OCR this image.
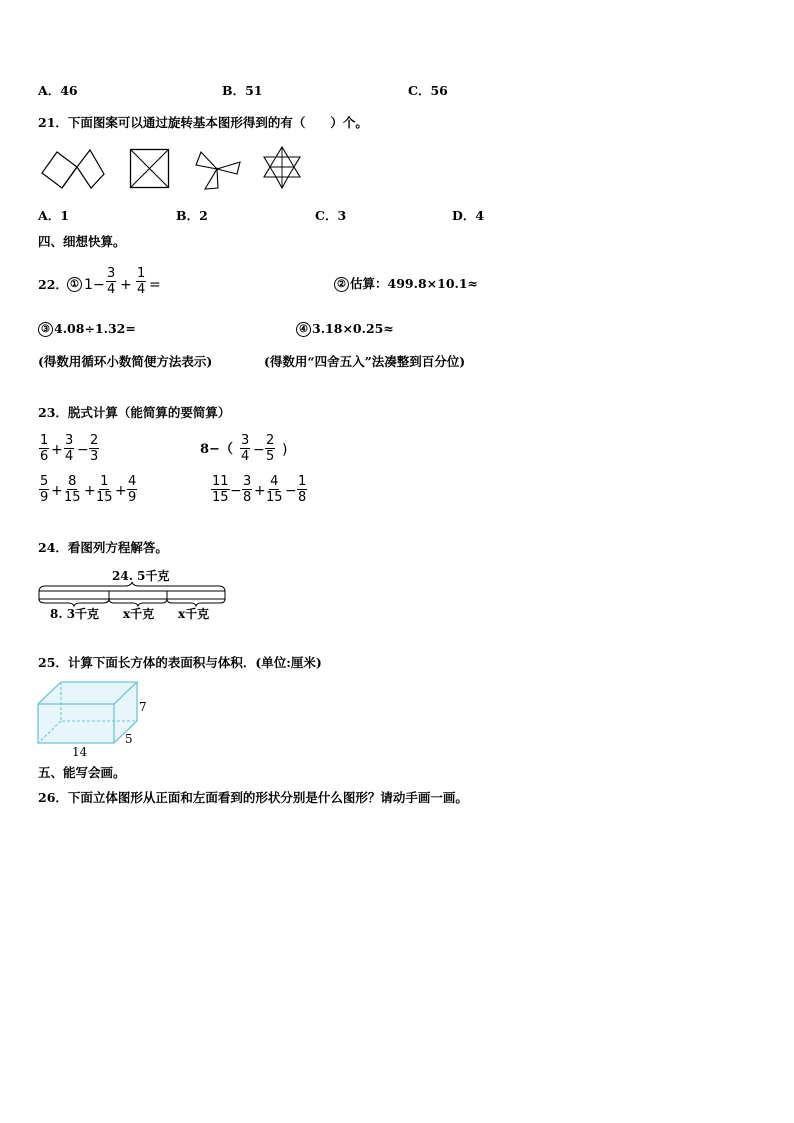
A．46	B．51	C．56
21．下面图案可以通过旋转基本图形得到的有（　　）个。
A．1	B．2	C．3	D．4
四、细想快算。
22． ① $1 - \frac{3}{4} + \frac{1}{4}$ =	② 估算：499.8×10.1≈
③ 4.08÷1.32=	④ 3.18×0.25≈
(得数用循环小数简便方法表示)	(得数用“四舍五入”法凑整到百分位)
23．脱式计算（能简算的要简算）
$\frac{1}{6} + \frac{3}{4} - \frac{2}{3}$	$8-( \frac{3}{4} - \frac{2}{5}$ )
$\frac{5}{9} + \frac{8}{15} + \frac{1}{15} + \frac{4}{9}$	$\frac{11}{15} - \frac{3}{8} + \frac{4}{15} - \frac{1}{8}$
24．看图列方程解答。
24. 5千克
8. 3千克 x千克 x千克
25．计算下面长方体的表面积与体积．(单位:厘米)
7
5
14
五、能写会画。
26．下面立体图形从正面和左面看到的形状分别是什么图形？请动手画一画。
